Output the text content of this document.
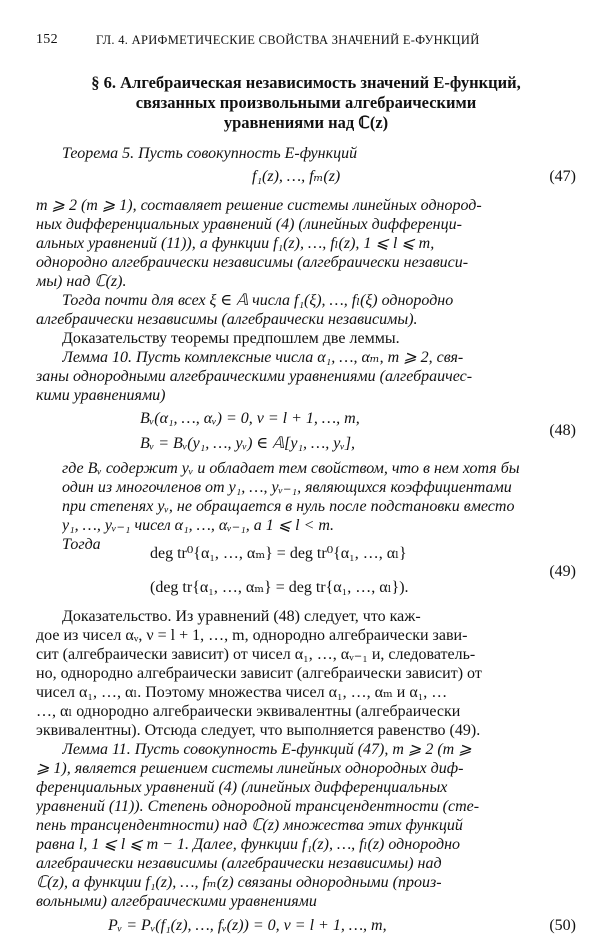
152	ГЛ. 4. АРИФМЕТИЧЕСКИЕ СВОЙСТВА ЗНАЧЕНИЙ Е-ФУНКЦИЙ
§ 6. Алгебраическая независимость значений E-функций,
связанных произвольными алгебраическими
уравнениями над ℂ(z)
Теорема 5. Пусть совокупность E-функций
f₁(z), …, fₘ(z)	(47)
m ⩾ 2 (m ⩾ 1), составляет решение системы линейных однород-
ных дифференциальных уравнений (4) (линейных дифференци-
альных уравнений (11)), а функции f₁(z), …, fₗ(z), 1 ⩽ l ⩽ m,
однородно алгебраически независимы (алгебраически независи-
мы) над ℂ(z).
Тогда почти для всех ξ ∈ 𝔸 числа f₁(ξ), …, fₗ(ξ) однородно
алгебраически независимы (алгебраически независимы).
Доказательству теоремы предпошлем две леммы.
Лемма 10. Пусть комплексные числа α₁, …, αₘ, m ⩾ 2, свя-
заны однородными алгебраическими уравнениями (алгебраичес-
кими уравнениями)
Bᵥ(α₁, …, αᵥ) = 0, ν = l + 1, …, m,
Bᵥ = Bᵥ(y₁, …, yᵥ) ∈ 𝔸[y₁, …, yᵥ],
(48)
где Bᵥ содержит yᵥ и обладает тем свойством, что в нем хотя бы
один из многочленов от y₁, …, yᵥ₋₁, являющихся коэффициентами
при степенях yᵥ, не обращается в нуль после подстановки вместо
y₁, …, yᵥ₋₁ чисел α₁, …, αᵥ₋₁, а 1 ⩽ l < m.
Тогда
deg tr⁰{α₁, …, αₘ} = deg tr⁰{α₁, …, αₗ}
(deg tr{α₁, …, αₘ} = deg tr{α₁, …, αₗ}).
(49)
Доказательство. Из уравнений (48) следует, что каж-
дое из чисел αᵥ, ν = l + 1, …, m, однородно алгебраически зави-
сит (алгебраически зависит) от чисел α₁, …, αᵥ₋₁ и, следователь-
но, однородно алгебраически зависит (алгебраически зависит) от
чисел α₁, …, αₗ. Поэтому множества чисел α₁, …, αₘ и α₁, …
…, αₗ однородно алгебраически эквивалентны (алгебраически
эквивалентны). Отсюда следует, что выполняется равенство (49).
Лемма 11. Пусть совокупность E-функций (47), m ⩾ 2 (m ⩾
⩾ 1), является решением системы линейных однородных диф-
ференциальных уравнений (4) (линейных дифференциальных
уравнений (11)). Степень однородной трансцендентности (сте-
пень трансцендентности) над ℂ(z) множества этих функций
равна l, 1 ⩽ l ⩽ m − 1. Далее, функции f₁(z), …, fₗ(z) однородно
алгебраически независимы (алгебраически независимы) над
ℂ(z), а функции f₁(z), …, fₘ(z) связаны однородными (произ-
вольными) алгебраическими уравнениями
Pᵥ = Pᵥ(f₁(z), …, fᵥ(z)) = 0, ν = l + 1, …, m,	(50)
